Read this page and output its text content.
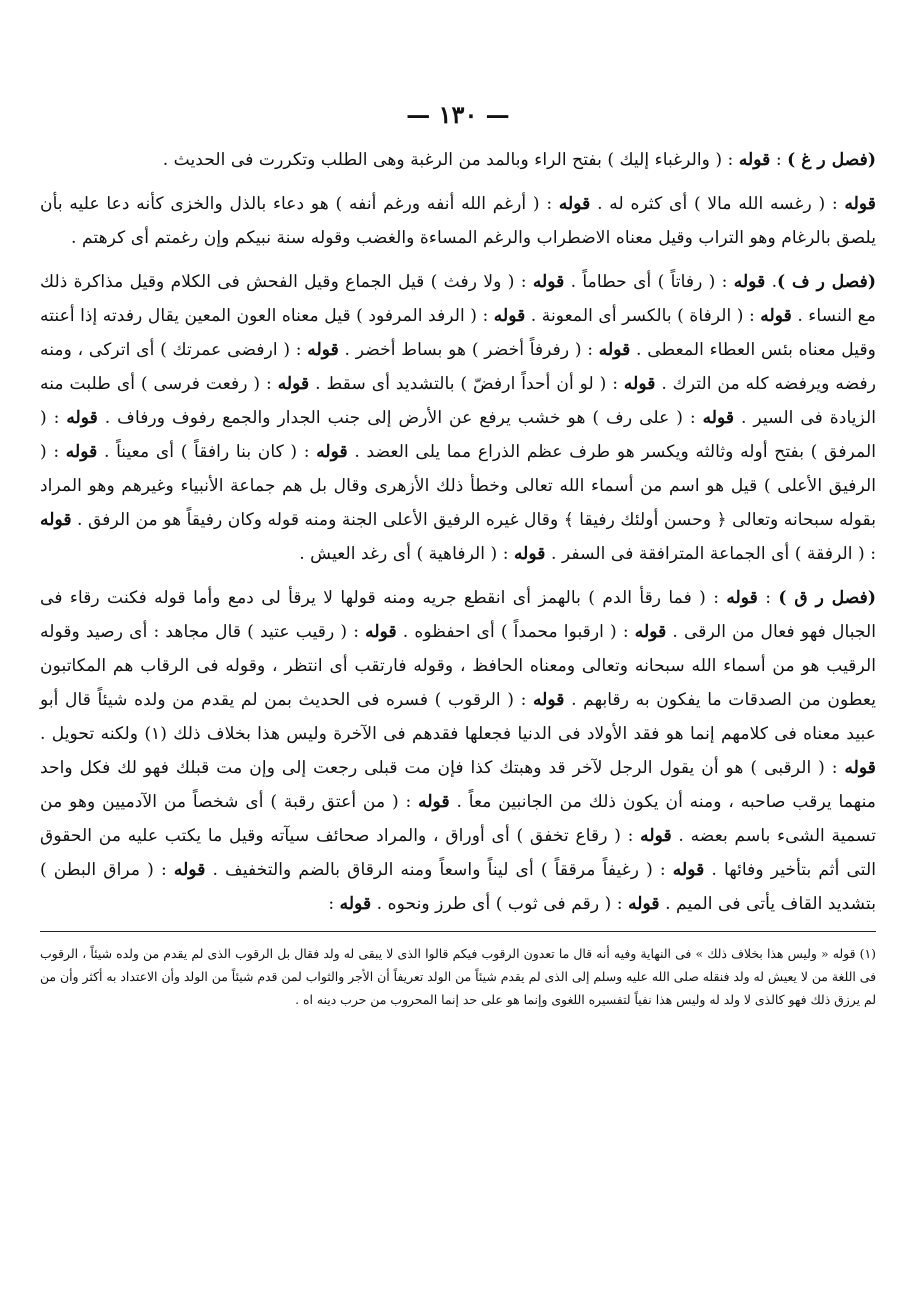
— ١٣٠ —

(فصل ر غ ) : قوله : ( والرغباء إليك ) بفتح الراء وبالمد من الرغبة وهى الطلب وتكررت فى الحديث .

قوله : ( رغسه الله مالا ) أى كثره له . قوله : ( أرغم الله أنفه ورغم أنفه ) هو دعاء بالذل والخزى كأنه دعا عليه بأن يلصق بالرغام وهو التراب وقيل معناه الاضطراب والرغم المساءة والغضب وقوله سنة نبيكم وإن رغمتم أى كرهتم .

(فصل ر ف ). قوله : ( رفاتاً ) أى حطاماً . قوله : ( ولا رفث ) قيل الجماع وقيل الفحش فى الكلام وقيل مذاكرة ذلك مع النساء . قوله : ( الرفاة ) بالكسر أى المعونة . قوله : ( الرفد المرفود ) قيل معناه العون المعين يقال رفدته إذا أعنته وقيل معناه بئس العطاء المعطى . قوله : ( رفرفاً أخضر ) هو بساط أخضر . قوله : ( ارفضى عمرتك ) أى اتركى ، ومنه رفضه ويرفضه كله من الترك . قوله : ( لو أن أحداً ارفضّ ) بالتشديد أى سقط . قوله : ( رفعت فرسى ) أى طلبت منه الزيادة فى السير . قوله : ( على رف ) هو خشب يرفع عن الأرض إلى جنب الجدار والجمع رفوف ورفاف . قوله : ( المرفق ) بفتح أوله وثالثه ويكسر هو طرف عظم الذراع مما يلى العضد . قوله : ( كان بنا رافقاً ) أى معيناً . قوله : ( الرفيق الأعلى ) قيل هو اسم من أسماء الله تعالى وخطأ ذلك الأزهرى وقال بل هم جماعة الأنبياء وغيرهم وهو المراد بقوله سبحانه وتعالى ﴿ وحسن أولئك رفيقا ﴾ وقال غيره الرفيق الأعلى الجنة ومنه قوله وكان رفيقاً هو من الرفق . قوله : ( الرفقة ) أى الجماعة المترافقة فى السفر . قوله : ( الرفاهية ) أى رغد العيش .

(فصل ر ق ) : قوله : ( فما رقأ الدم ) بالهمز أى انقطع جريه ومنه قولها لا يرقأ لى دمع وأما قوله فكنت رقاء فى الجبال فهو فعال من الرقى . قوله : ( ارقبوا محمداً ) أى احفظوه . قوله : ( رقيب عتيد ) قال مجاهد : أى رصيد وقوله الرقيب هو من أسماء الله سبحانه وتعالى ومعناه الحافظ ، وقوله فارتقب أى انتظر ، وقوله فى الرقاب هم المكاتبون يعطون من الصدقات ما يفكون به رقابهم . قوله : ( الرقوب ) فسره فى الحديث بمن لم يقدم من ولده شيئاً قال أبو عبيد معناه فى كلامهم إنما هو فقد الأولاد فى الدنيا فجعلها فقدهم فى الآخرة وليس هذا بخلاف ذلك (١) ولكنه تحويل . قوله : ( الرقبى ) هو أن يقول الرجل لآخر قد وهبتك كذا فإن مت قبلى رجعت إلى وإن مت قبلك فهو لك فكل واحد منهما يرقب صاحبه ، ومنه أن يكون ذلك من الجانبين معاً . قوله : ( من أعتق رقبة ) أى شخصاً من الآدميين وهو من تسمية الشىء باسم بعضه . قوله : ( رقاع تخفق ) أى أوراق ، والمراد صحائف سيآته وقيل ما يكتب عليه من الحقوق التى أثم بتأخير وفائها . قوله : ( رغيفاً مرققاً ) أى ليناً واسعاً ومنه الرقاق بالضم والتخفيف . قوله : ( مراق البطن ) بتشديد القاف يأتى فى الميم . قوله : ( رقم فى ثوب ) أى طرز ونحوه . قوله :

(١) قوله « وليس هذا بخلاف ذلك » فى النهاية وفيه أنه قال ما تعدون الرقوب فيكم قالوا الذى لا يبقى له ولد فقال بل الرقوب الذى لم يقدم من ولده شيئاً ، الرقوب فى اللغة من لا يعيش له ولد فنقله صلى الله عليه وسلم إلى الذى لم يقدم شيئاً من الولد تعريفاً أن الأجر والثواب لمن قدم شيئاً من الولد وأن الاعتداد به أكثر وأن من لم يرزق ذلك فهو كالذى لا ولد له وليس هذا نفياً لتفسيره اللغوى وإنما هو على حد إنما المحروب من حرب دينه اه .
